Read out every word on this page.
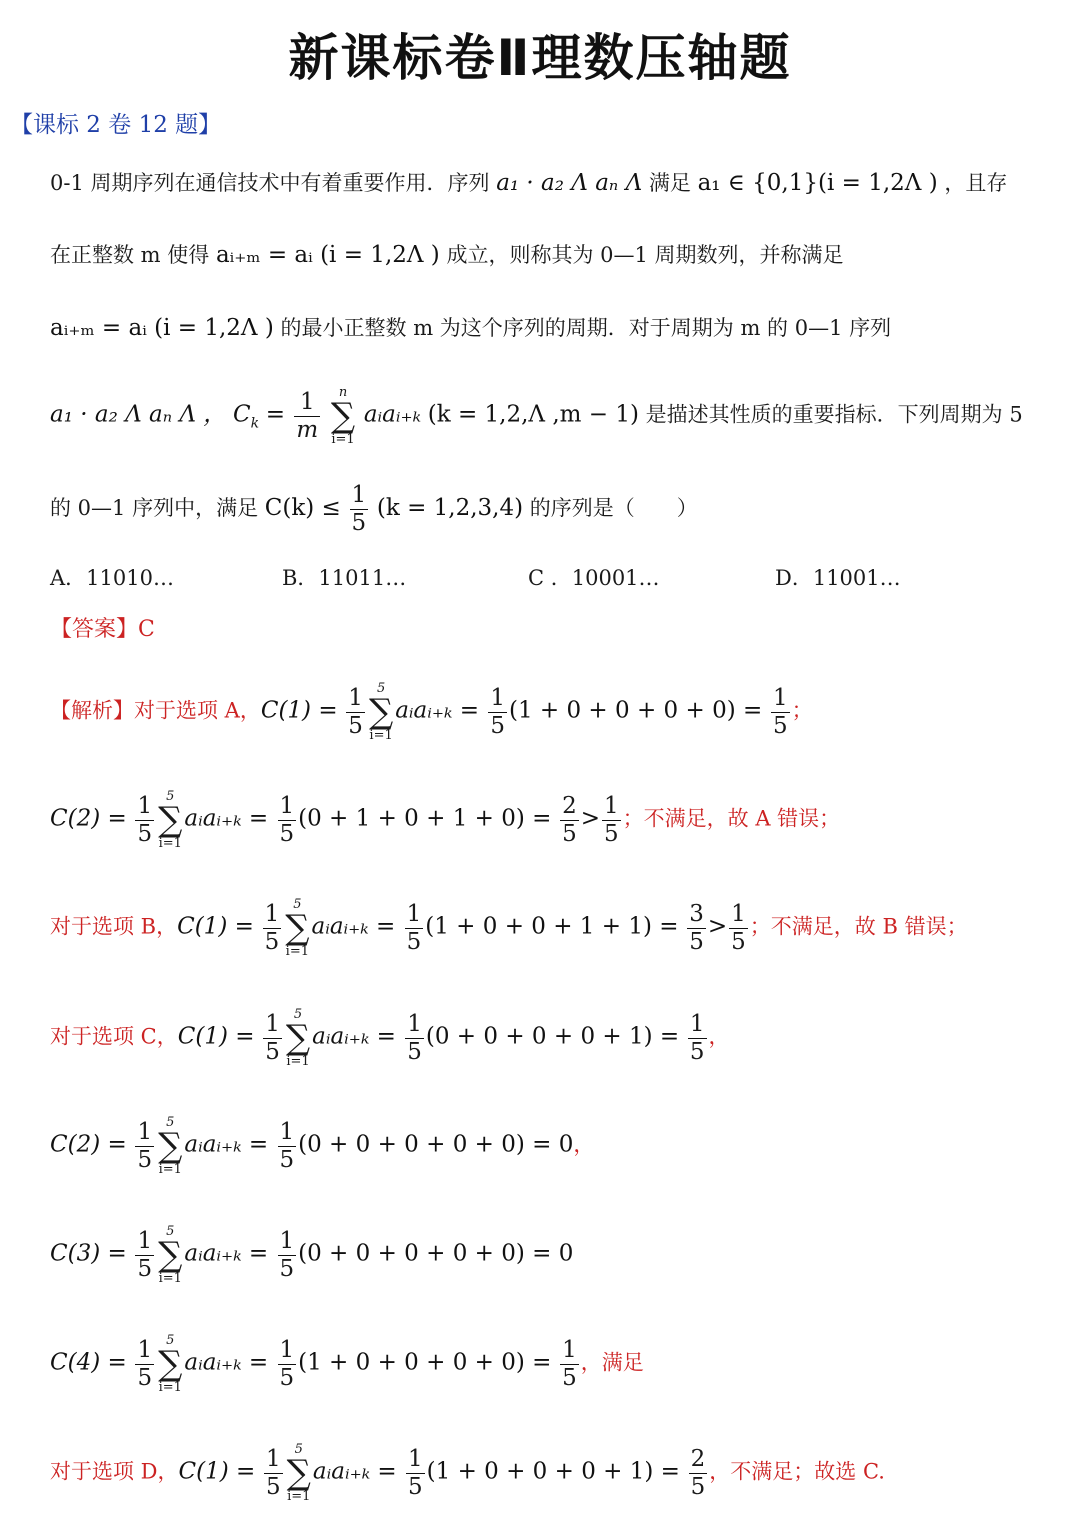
新课标卷Ⅱ理数压轴题
【课标 2 卷 12 题】
0-1 周期序列在通信技术中有着重要作用．序列 a₁ · a₂ Λ aₙ Λ 满足 a₁ ∈ {0,1}(i = 1,2Λ ) ，且存
在正整数 m 使得 aᵢ₊ₘ = aᵢ (i = 1,2Λ ) 成立，则称其为 0—1 周期数列，并称满足
aᵢ₊ₘ = aᵢ (i = 1,2Λ ) 的最小正整数 m 为这个序列的周期．对于周期为 m 的 0—1 序列
a₁ · a₂ Λ aₙ Λ ， $C_k = \frac{1}{m}$
	n
∑
i=1
aᵢaᵢ₊ₖ (k = 1,2,Λ ,m − 1) 是描述其性质的重要指标．下列周期为 5
的 0—1 序列中，满足 $C(k) \le \frac{1}{5} (k = 1,2,3,4)$ 的序列是（　　）
A．11010…	B．11011…	C ．10001…	D．11001…
【答案】C
【解析】对于选项 A，$C(1) = \frac{1}{5} 5$
∑
i=1
aᵢaᵢ₊ₖ = $\frac{1}{5} (1 + 0 + 0 + 0 + 0) = \frac{1}{5}$ ；
$C(2) = \frac{1}{5} 5$
∑
i=1
aᵢaᵢ₊ₖ = $\frac{1}{5} (0 + 1 + 0 + 1 + 0) = \frac{2}{5} > \frac{1}{5}$ ；不满足，故 A 错误；
对于选项 B，$C(1) = \frac{1}{5} 5$
∑
i=1
aᵢaᵢ₊ₖ = $\frac{1}{5} (1 + 0 + 0 + 1 + 1) = \frac{3}{5} > \frac{1}{5}$ ；不满足，故 B 错误；
对于选项 C，$C(1) = \frac{1}{5} 5$
∑
i=1
aᵢaᵢ₊ₖ = $\frac{1}{5} (0 + 0 + 0 + 0 + 1) = \frac{1}{5}$ ，
$C(2) = \frac{1}{5} 5$
∑
i=1
aᵢaᵢ₊ₖ = $\frac{1}{5} (0 + 0 + 0 + 0 + 0) = 0$，
$C(3) = \frac{1}{5} 5$
∑
i=1
aᵢaᵢ₊ₖ = $\frac{1}{5} (0 + 0 + 0 + 0 + 0) = 0$
$C(4) = \frac{1}{5} 5$
∑
i=1
aᵢaᵢ₊ₖ = $\frac{1}{5} (1 + 0 + 0 + 0 + 0) = \frac{1}{5}$ ，满足
对于选项 D，$C(1) = \frac{1}{5} 5$
∑
i=1
aᵢaᵢ₊ₖ = $\frac{1}{5} (1 + 0 + 0 + 0 + 1) = \frac{2}{5}$ ，不满足；故选 C.
